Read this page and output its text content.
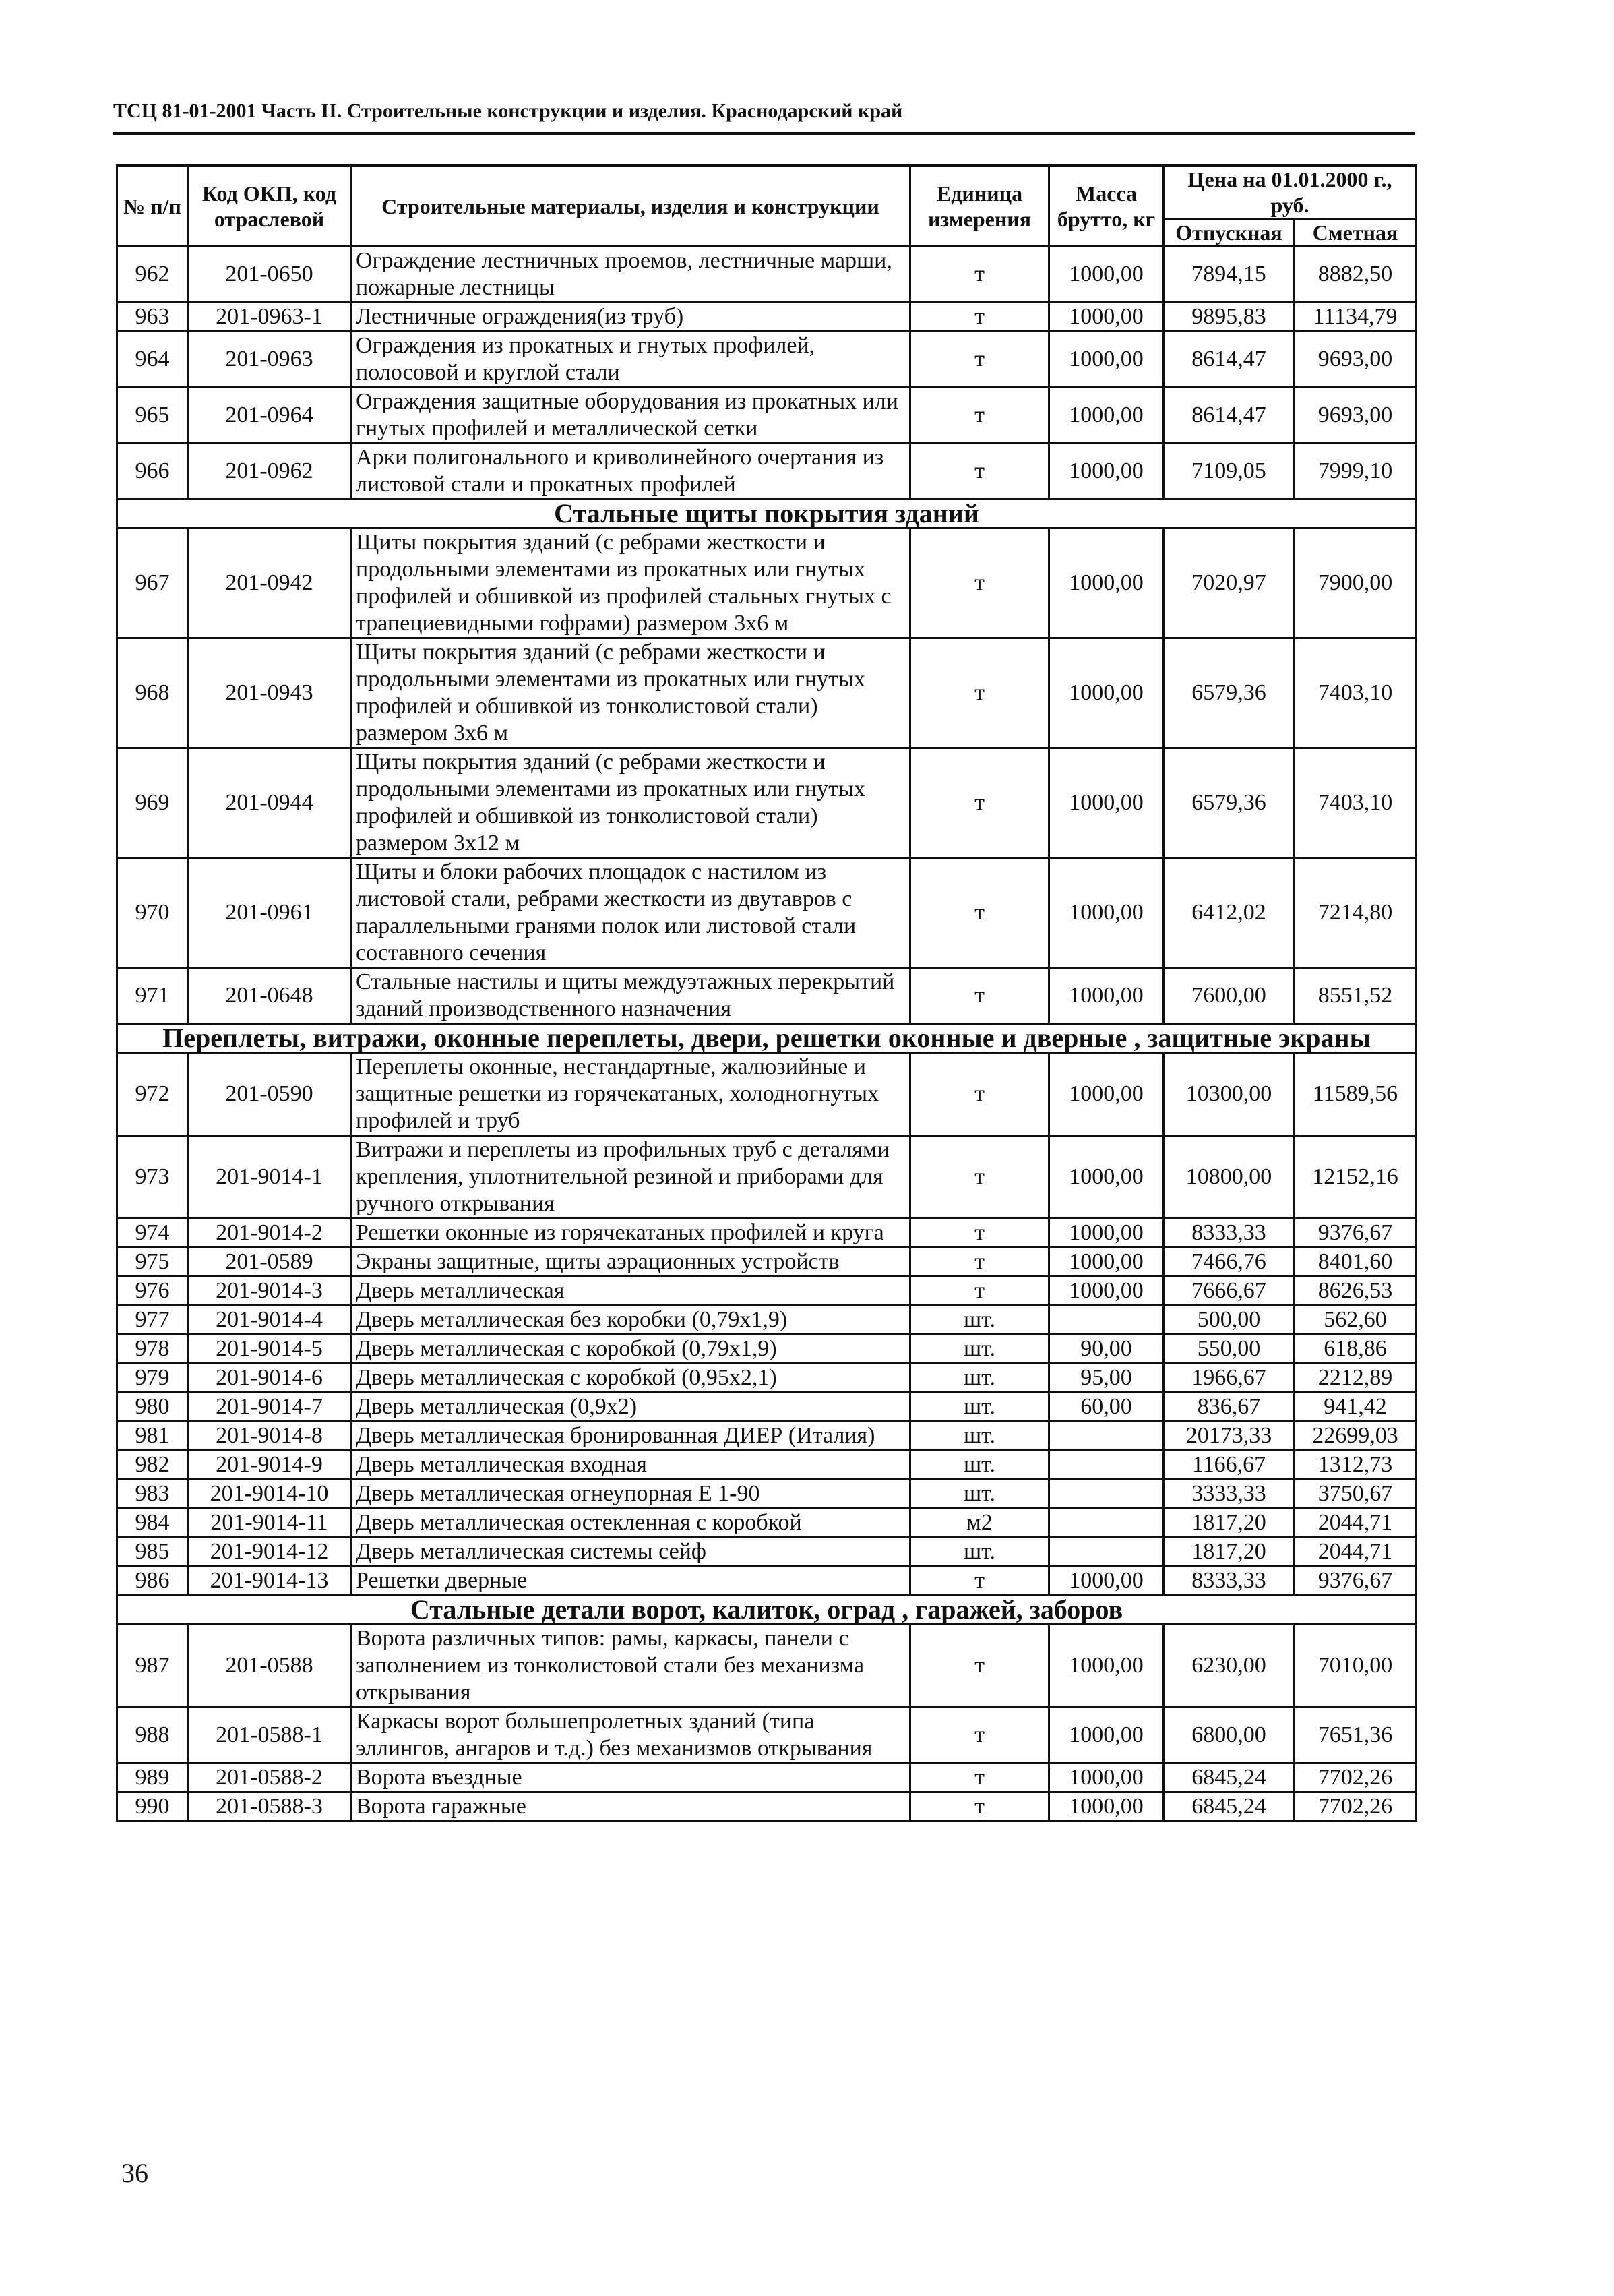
ТСЦ 81-01-2001 Часть II. Строительные конструкции и изделия. Краснодарский край
№ п/п	Код ОКП, код отраслевой	Строительные материалы, изделия и конструкции	Единица измерения	Масса брутто, кг	Цена на 01.01.2000 г., руб.	
					Отпускная	Сметная
962	201-0650	Ограждение лестничных проемов, лестничные марши, пожарные лестницы	т	1000,00	7894,15	8882,50
963	201-0963-1	Лестничные ограждения(из труб)	т	1000,00	9895,83	11134,79
964	201-0963	Ограждения из прокатных и гнутых профилей, полосовой и круглой стали	т	1000,00	8614,47	9693,00
965	201-0964	Ограждения защитные оборудования из прокатных или гнутых профилей и металлической сетки	т	1000,00	8614,47	9693,00
966	201-0962	Арки полигонального и криволинейного очертания из листовой стали и прокатных профилей	т	1000,00	7109,05	7999,10
Стальные щиты покрытия зданий						
967	201-0942	Щиты покрытия зданий (с ребрами жесткости и продольными элементами из прокатных или гнутых профилей и обшивкой из профилей стальных гнутых с трапециевидными гофрами) размером 3х6 м	т	1000,00	7020,97	7900,00
968	201-0943	Щиты покрытия зданий (с ребрами жесткости и продольными элементами из прокатных или гнутых профилей и обшивкой из тонколистовой стали) размером 3х6 м	т	1000,00	6579,36	7403,10
969	201-0944	Щиты покрытия зданий (с ребрами жесткости и продольными элементами из прокатных или гнутых профилей и обшивкой из тонколистовой стали) размером 3х12 м	т	1000,00	6579,36	7403,10
970	201-0961	Щиты и блоки рабочих площадок с настилом из листовой стали, ребрами жесткости из двутавров с параллельными гранями полок или листовой стали составного сечения	т	1000,00	6412,02	7214,80
971	201-0648	Стальные настилы и щиты междуэтажных перекрытий зданий производственного назначения	т	1000,00	7600,00	8551,52
Переплеты, витражи, оконные переплеты, двери, решетки оконные и дверные , защитные экраны						
972	201-0590	Переплеты оконные, нестандартные, жалюзийные и защитные решетки из горячекатаных, холодногнутых профилей и труб	т	1000,00	10300,00	11589,56
973	201-9014-1	Витражи и переплеты из профильных труб с деталями крепления, уплотнительной резиной и приборами для ручного открывания	т	1000,00	10800,00	12152,16
974	201-9014-2	Решетки оконные из горячекатаных профилей и круга	т	1000,00	8333,33	9376,67
975	201-0589	Экраны защитные, щиты аэрационных устройств	т	1000,00	7466,76	8401,60
976	201-9014-3	Дверь металлическая	т	1000,00	7666,67	8626,53
977	201-9014-4	Дверь металлическая без коробки (0,79х1,9)	шт.		500,00	562,60
978	201-9014-5	Дверь металлическая с коробкой (0,79х1,9)	шт.	90,00	550,00	618,86
979	201-9014-6	Дверь металлическая с коробкой (0,95х2,1)	шт.	95,00	1966,67	2212,89
980	201-9014-7	Дверь металлическая (0,9х2)	шт.	60,00	836,67	941,42
981	201-9014-8	Дверь металлическая бронированная ДИЕР (Италия)	шт.		20173,33	22699,03
982	201-9014-9	Дверь металлическая входная	шт.		1166,67	1312,73
983	201-9014-10	Дверь металлическая огнеупорная Е 1-90	шт.		3333,33	3750,67
984	201-9014-11	Дверь металлическая остекленная с коробкой	м2		1817,20	2044,71
985	201-9014-12	Дверь металлическая системы сейф	шт.		1817,20	2044,71
986	201-9014-13	Решетки дверные	т	1000,00	8333,33	9376,67
Стальные детали ворот, калиток, оград , гаражей, заборов						
987	201-0588	Ворота различных типов: рамы, каркасы, панели с заполнением из тонколистовой стали без механизма открывания	т	1000,00	6230,00	7010,00
988	201-0588-1	Каркасы ворот большепролетных зданий (типа эллингов, ангаров и т.д.) без механизмов открывания	т	1000,00	6800,00	7651,36
989	201-0588-2	Ворота въездные	т	1000,00	6845,24	7702,26
990	201-0588-3	Ворота гаражные	т	1000,00	6845,24	7702,26
36
